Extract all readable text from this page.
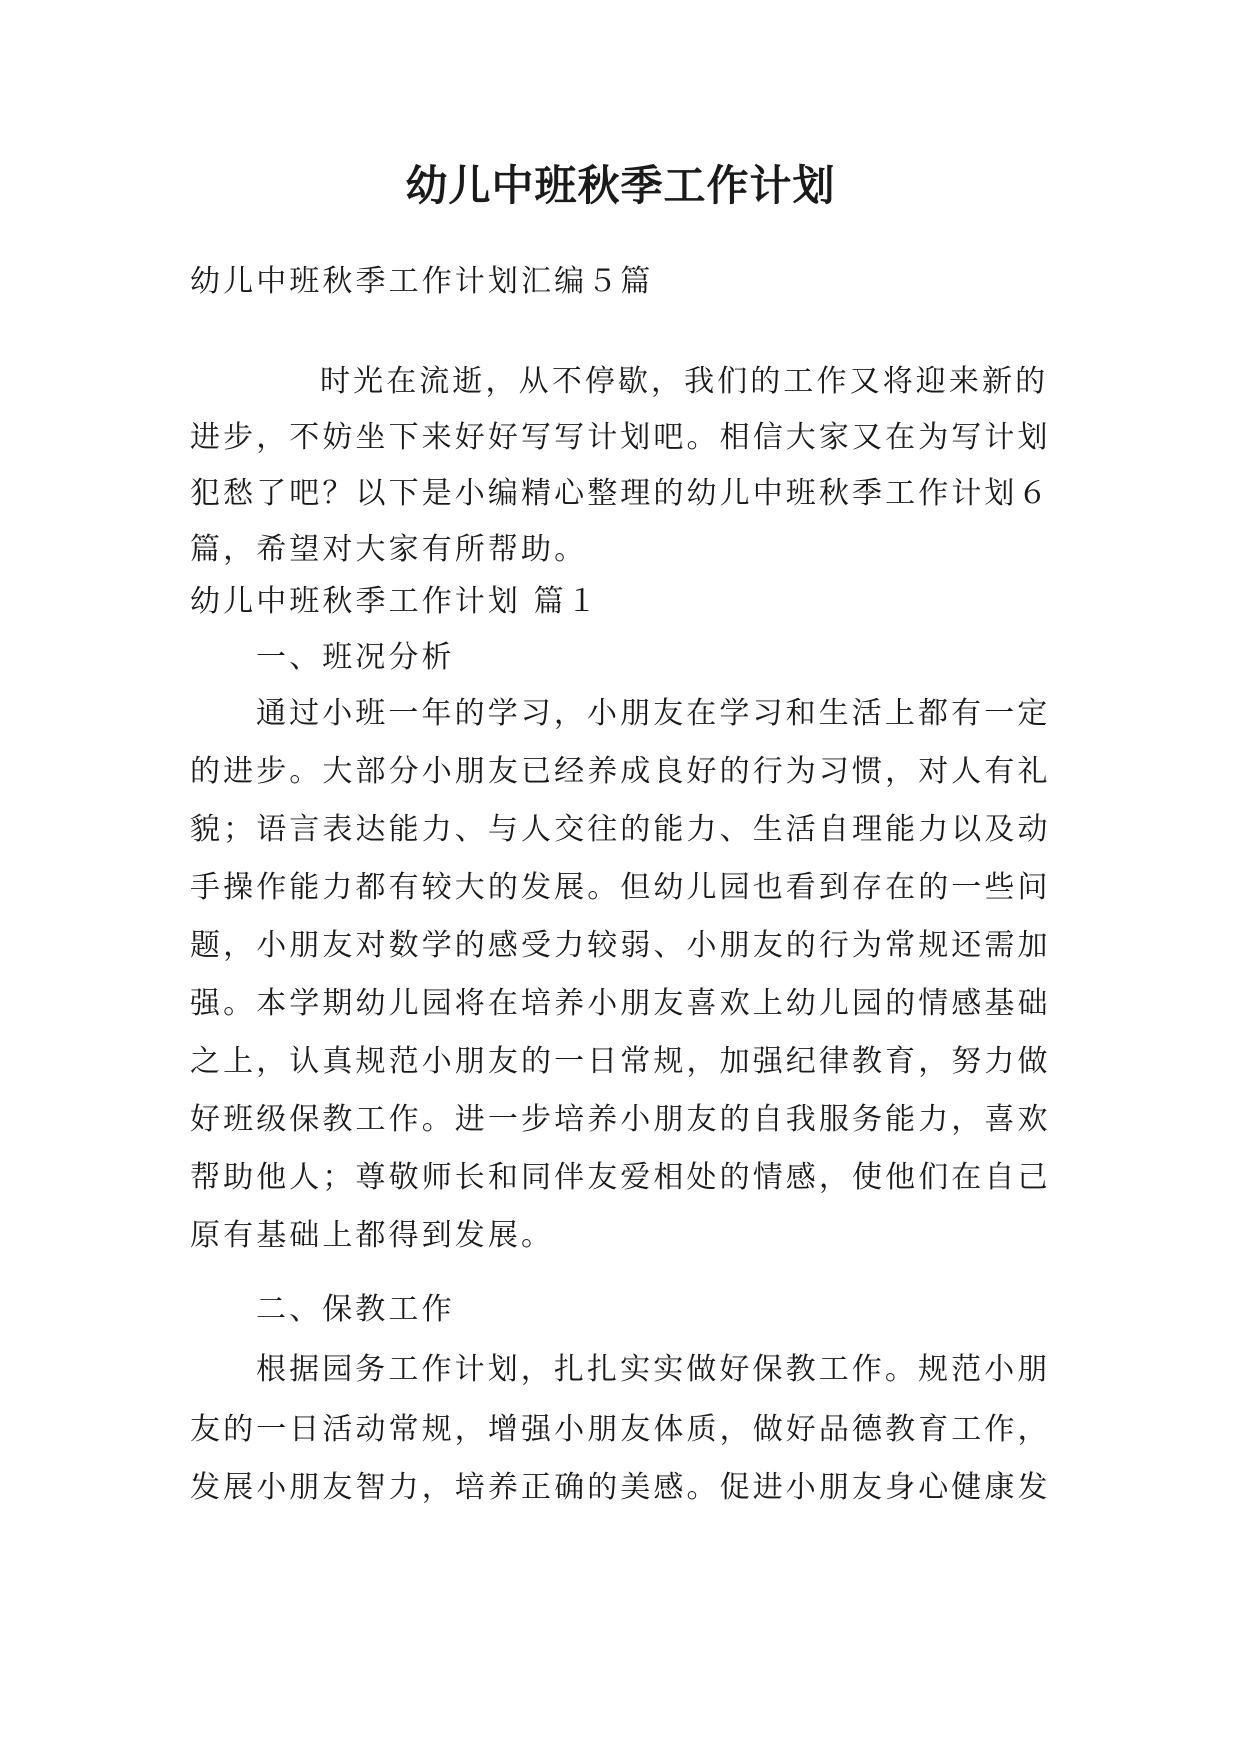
幼儿中班秋季工作计划

幼儿中班秋季工作计划汇编５篇

时光在流逝，从不停歇，我们的工作又将迎来新的

进步，不妨坐下来好好写写计划吧。相信大家又在为写计划

犯愁了吧？以下是小编精心整理的幼儿中班秋季工作计划６

篇，希望对大家有所帮助。

幼儿中班秋季工作计划 篇１

一、班况分析

通过小班一年的学习，小朋友在学习和生活上都有一定

的进步。大部分小朋友已经养成良好的行为习惯，对人有礼

貌；语言表达能力、与人交往的能力、生活自理能力以及动

手操作能力都有较大的发展。但幼儿园也看到存在的一些问

题，小朋友对数学的感受力较弱、小朋友的行为常规还需加

强。本学期幼儿园将在培养小朋友喜欢上幼儿园的情感基础

之上，认真规范小朋友的一日常规，加强纪律教育，努力做

好班级保教工作。进一步培养小朋友的自我服务能力，喜欢

帮助他人；尊敬师长和同伴友爱相处的情感，使他们在自己

原有基础上都得到发展。

二、保教工作

根据园务工作计划，扎扎实实做好保教工作。规范小朋

友的一日活动常规，增强小朋友体质，做好品德教育工作，

发展小朋友智力，培养正确的美感。促进小朋友身心健康发
